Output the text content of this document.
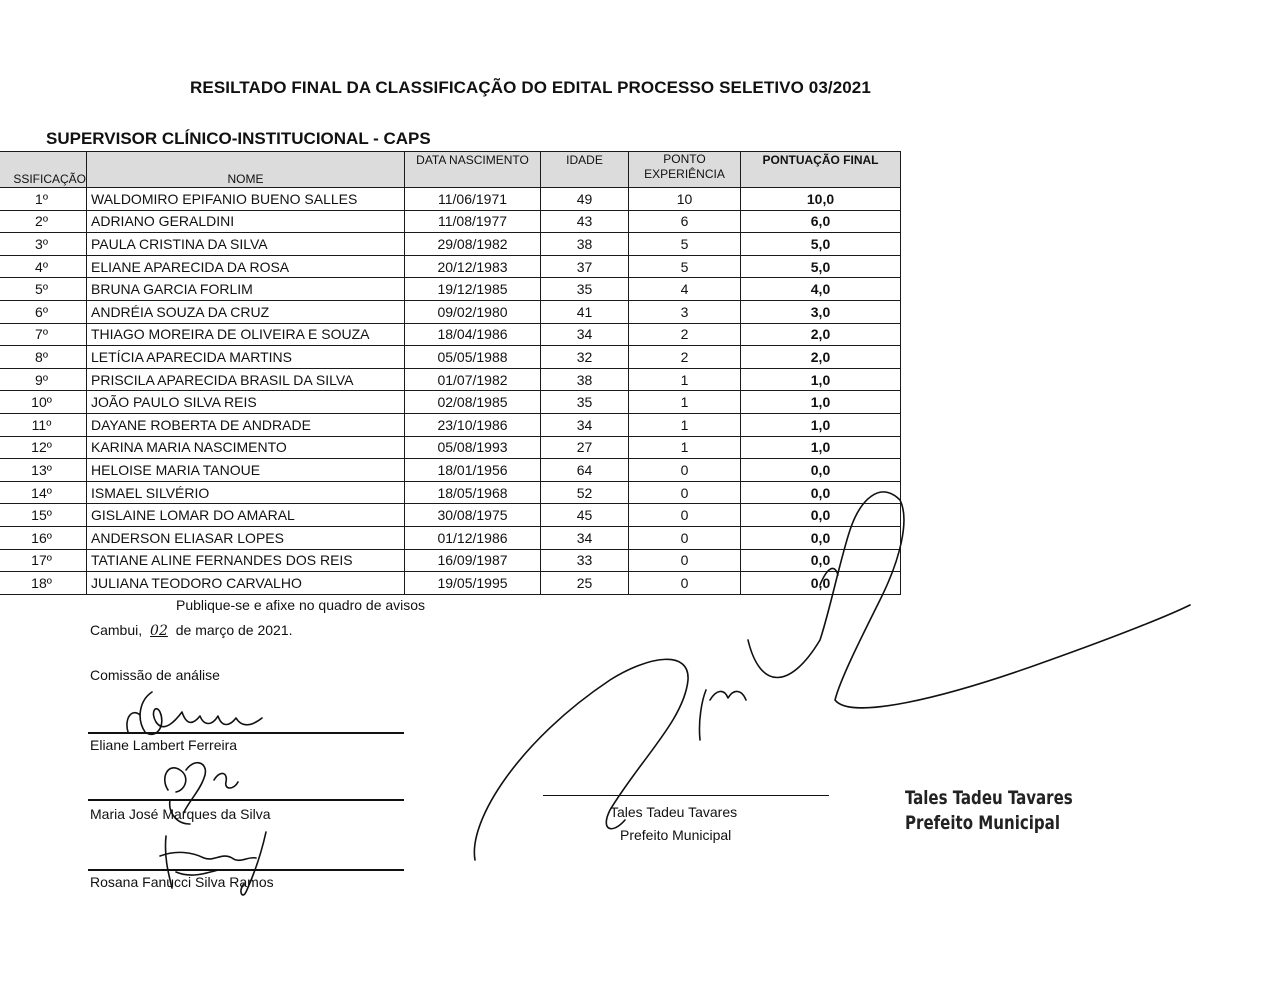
RESILTADO FINAL DA CLASSIFICAÇÃO DO EDITAL PROCESSO SELETIVO 03/2021
SUPERVISOR CLÍNICO-INSTITUCIONAL - CAPS
SSIFICAÇÃO	NOME	DATA NASCIMENTO	IDADE	PONTO EXPERIÊNCIA	PONTUAÇÃO FINAL
1º	WALDOMIRO EPIFANIO BUENO SALLES	11/06/1971	49	10	10,0
2º	ADRIANO GERALDINI	11/08/1977	43	6	6,0
3º	PAULA CRISTINA DA SILVA	29/08/1982	38	5	5,0
4º	ELIANE APARECIDA DA ROSA	20/12/1983	37	5	5,0
5º	BRUNA GARCIA FORLIM	19/12/1985	35	4	4,0
6º	ANDRÉIA SOUZA DA CRUZ	09/02/1980	41	3	3,0
7º	THIAGO MOREIRA DE OLIVEIRA E SOUZA	18/04/1986	34	2	2,0
8º	LETÍCIA APARECIDA MARTINS	05/05/1988	32	2	2,0
9º	PRISCILA APARECIDA BRASIL DA SILVA	01/07/1982	38	1	1,0
10º	JOÃO PAULO SILVA REIS	02/08/1985	35	1	1,0
11º	DAYANE ROBERTA DE ANDRADE	23/10/1986	34	1	1,0
12º	KARINA MARIA NASCIMENTO	05/08/1993	27	1	1,0
13º	HELOISE MARIA TANOUE	18/01/1956	64	0	0,0
14º	ISMAEL SILVÉRIO	18/05/1968	52	0	0,0
15º	GISLAINE LOMAR DO AMARAL	30/08/1975	45	0	0,0
16º	ANDERSON ELIASAR LOPES	01/12/1986	34	0	0,0
17º	TATIANE ALINE FERNANDES DOS REIS	16/09/1987	33	0	0,0
18º	JULIANA TEODORO CARVALHO	19/05/1995	25	0	0,0
Publique-se e afixe no quadro de avisos
Cambui, 02 de março de 2021.
Comissão de análise
Eliane Lambert Ferreira
Maria José Marques da Silva
Rosana Fanucci Silva Ramos
Tales Tadeu Tavares
Prefeito Municipal
Tales Tadeu Tavares
Prefeito Municipal
